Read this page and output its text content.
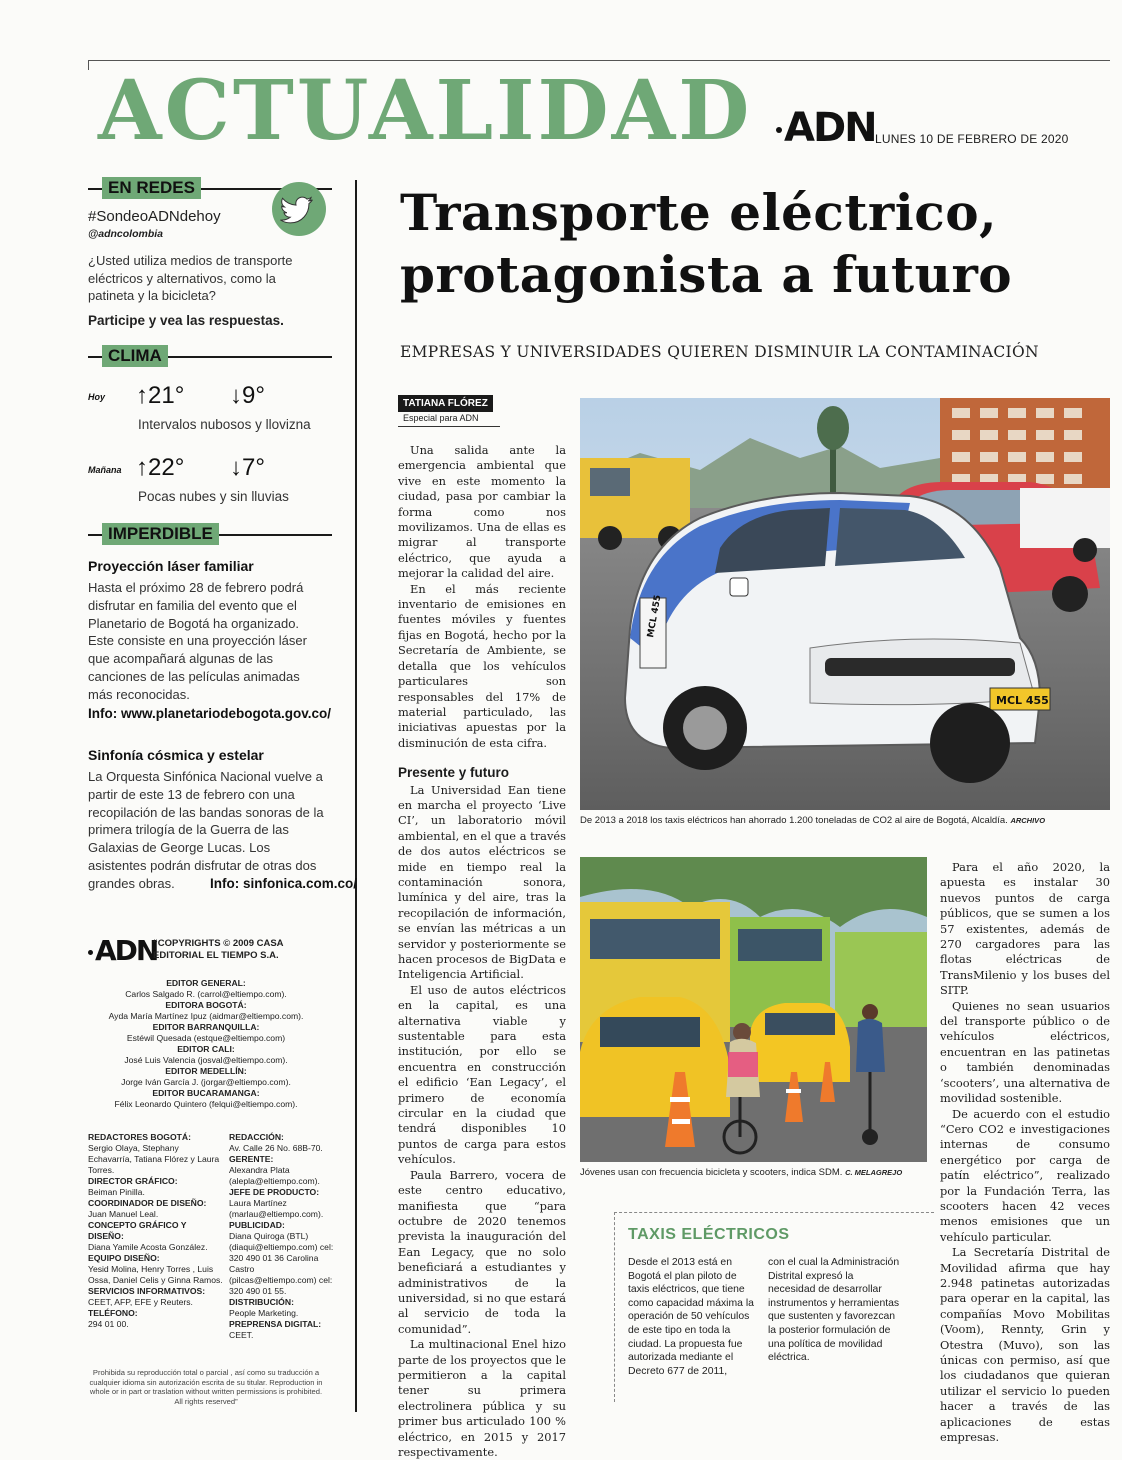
ACTUALIDAD ADN LUNES 10 DE FEBRERO DE 2020
EN REDES
#SondeoADNdehoy
@adncolombia
¿Usted utiliza medios de transporte eléctricos y alternativos, como la patineta y la bicicleta?
Participe y vea las respuestas.
CLIMA
Hoy ↑21° ↓9°
Intervalos nubosos y llovizna
Mañana ↑22° ↓7°
Pocas nubes y sin lluvias
IMPERDIBLE
Proyección láser familiar
Hasta el próximo 28 de febrero podrá disfrutar en familia del evento que el Planetario de Bogotá ha organizado. Este consiste en una proyección láser que acompañará algunas de las canciones de las películas animadas más reconocidas.
Info: www.planetariodebogota.gov.co/
Sinfonía cósmica y estelar
La Orquesta Sinfónica Nacional vuelve a partir de este 13 de febrero con una recopilación de las bandas sonoras de la primera trilogía de la Guerra de las Galaxias de George Lucas. Los asistentes podrán disfrutar de otras dos grandes obras.	Info: sinfonica.com.co/
ADN
“COPYRIGHTS © 2009 CASA EDITORIAL EL TIEMPO S.A.
EDITOR GENERAL:
Carlos Salgado R. (carrol@eltiempo.com).
EDITORA BOGOTÁ:
Ayda María Martínez Ipuz (aidmar@eltiempo.com).
EDITOR BARRANQUILLA:
Estéwil Quesada (estque@eltiempo.com)
EDITOR CALI:
José Luis Valencia (josval@eltiempo.com).
EDITOR MEDELLÍN:
Jorge Iván García J. (jorgar@eltiempo.com).
EDITOR BUCARAMANGA:
Félix Leonardo Quintero (felqui@eltiempo.com).
REDACTORES BOGOTÁ:
Sergio Olaya, Stephany Echavarría, Tatiana Flórez y Laura Torres.
DIRECTOR GRÁFICO:
Beiman Pinilla.
COORDINADOR DE DISEÑO:
Juan Manuel Leal.
CONCEPTO GRÁFICO Y DISEÑO:
Diana Yamile Acosta González.
EQUIPO DISEÑO:
Yesid Molina, Henry Torres , Luis Ossa, Daniel Celis y Ginna Ramos.
SERVICIOS INFORMATIVOS:
CEET, AFP, EFE y Reuters.
TELÉFONO:
294 01 00.
REDACCIÓN:
Av. Calle 26 No. 68B-70.
GERENTE:
Alexandra Plata (alepla@eltiempo.com).
JEFE DE PRODUCTO:
Laura Martínez (marlau@eltiempo.com).
PUBLICIDAD:
Diana Quiroga (BTL) (diaqui@eltiempo.com) cel: 320 490 01 36 Carolina Castro (pilcas@eltiempo.com) cel: 320 490 01 55.
DISTRIBUCIÓN:
People Marketing.
PREPRENSA DIGITAL:
CEET.
Prohibida su reproducción total o parcial , así como su traducción a cualquier idioma sin autorización escrita de su titular. Reproduction in whole or in part or traslation without written permissions is prohibited. All rights reserved”
Transporte eléctrico, protagonista a futuro
EMPRESAS Y UNIVERSIDADES QUIEREN DISMINUIR LA CONTAMINACIÓN
TATIANA FLÓREZ
Especial para ADN

Una salida ante la emergencia ambiental que vive en este momento la ciudad, pasa por cambiar la forma como nos movilizamos. Una de ellas es migrar al transporte eléctrico, que ayuda a mejorar la calidad del aire.

En el más reciente inventario de emisiones en fuentes móviles y fuentes fijas en Bogotá, hecho por la Secretaría de Ambiente, se detalla que los vehículos particulares son responsables del 17% de material particulado, las iniciativas apuestas por la disminución de esta cifra.

Presente y futuro

La Universidad Ean tiene en marcha el proyecto ‘Live CI’, un laboratorio móvil ambiental, en el que a través de dos autos eléctricos se mide en tiempo real la contaminación sonora, lumínica y del aire, tras la recopilación de información, se envían las métricas a un servidor y posteriormente se hacen procesos de BigData e Inteligencia Artificial.

El uso de autos eléctricos en la capital, es una alternativa viable y sustentable para esta institución, por ello se encuentra en construcción el edificio ‘Ean Legacy’, el primero de economía circular en la ciudad que tendrá disponibles 10 puntos de carga para estos vehículos.

Paula Barrero, vocera de este centro educativo, manifiesta que “para octubre de 2020 tenemos prevista la inauguración del Ean Legacy, que no solo beneficiará a estudiantes y administrativos de la universidad, si no que estará al servicio de toda la comunidad”.

La multinacional Enel hizo parte de los proyectos que le permitieron a la capital tener su primera electrolinera pública y su primer bus articulado 100 % eléctrico, en 2015 y 2017 respectivamente.

MCL 455
MCL 455
De 2013 a 2018 los taxis eléctricos han ahorrado 1.200 toneladas de CO2 al aire de Bogotá, Alcaldía. ARCHIVO
Jóvenes usan con frecuencia bicicleta y scooters, indica SDM. C. MELAGREJO

Para el año 2020, la apuesta es instalar 30 nuevos puntos de carga públicos, que se sumen a los 57 existentes, además de 270 cargadores para las flotas eléctricas de TransMilenio y los buses del SITP.

Quienes no sean usuarios del transporte público o de vehículos eléctricos, encuentran en las patinetas o también denominadas ‘scooters’, una alternativa de movilidad sostenible.

De acuerdo con el estudio “Cero CO2 e investigaciones internas de consumo energético por carga de patín eléctrico”, realizado por la Fundación Terra, las scooters hacen 42 veces menos emisiones que un vehículo particular.

La Secretaría Distrital de Movilidad afirma que hay 2.948 patinetas autorizadas para operar en la capital, las compañías Movo Mobilitas (Voom), Rennty, Grin y Otestra (Muvo), son las únicas con permiso, así que los ciudadanos que quieran utilizar el servicio lo pueden hacer a través de las aplicaciones de estas empresas.

TAXIS ELÉCTRICOS
Desde el 2013 está en Bogotá el plan piloto de taxis eléctricos, que tiene como capacidad máxima la operación de 50 vehículos de este tipo en toda la ciudad. La propuesta fue autorizada mediante el Decreto 677 de 2011,
con el cual la Administración Distrital expresó la necesidad de desarrollar instrumentos y herramientas que sustenten y favorezcan la posterior formulación de una política de movilidad eléctrica.
